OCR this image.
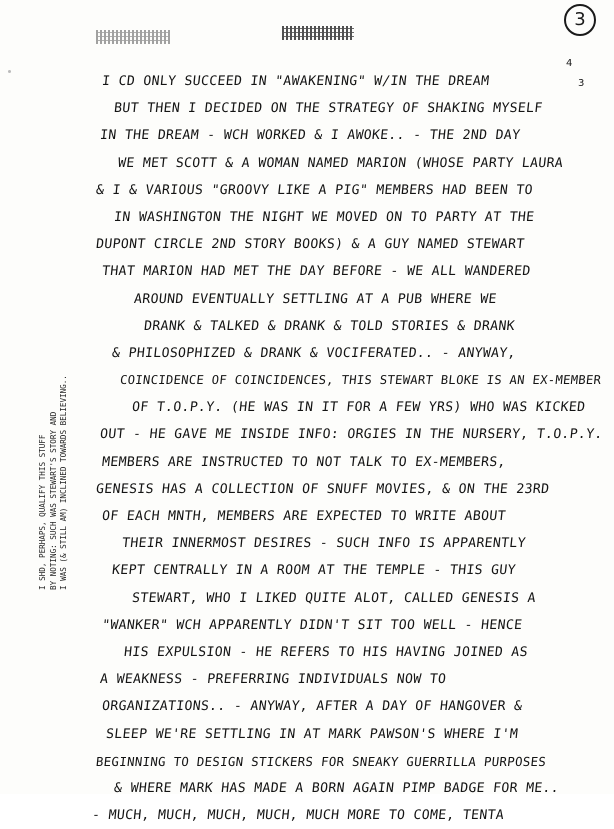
3
4
3
I CD ONLY SUCCEED IN "AWAKENING" W/IN THE DREAM
BUT THEN I DECIDED ON THE STRATEGY OF SHAKING MYSELF
IN THE DREAM - WCH WORKED & I AWOKE.. - THE 2ND DAY
WE MET SCOTT & A WOMAN NAMED MARION (WHOSE PARTY LAURA
& I & VARIOUS "GROOVY LIKE A PIG" MEMBERS HAD BEEN TO
IN WASHINGTON THE NIGHT WE MOVED ON TO PARTY AT THE
DUPONT CIRCLE 2ND STORY BOOKS) & A GUY NAMED STEWART
THAT MARION HAD MET THE DAY BEFORE - WE ALL WANDERED
AROUND EVENTUALLY SETTLING AT A PUB WHERE WE
DRANK & TALKED & DRANK & TOLD STORIES & DRANK
& PHILOSOPHIZED & DRANK & VOCIFERATED.. - ANYWAY,
COINCIDENCE OF COINCIDENCES, THIS STEWART BLOKE IS AN EX-MEMBER
OF T.O.P.Y. (HE WAS IN IT FOR A FEW YRS) WHO WAS KICKED
OUT - HE GAVE ME INSIDE INFO: ORGIES IN THE NURSERY, T.O.P.Y.
MEMBERS ARE INSTRUCTED TO NOT TALK TO EX-MEMBERS,
GENESIS HAS A COLLECTION OF SNUFF MOVIES, & ON THE 23RD
OF EACH MNTH, MEMBERS ARE EXPECTED TO WRITE ABOUT
THEIR INNERMOST DESIRES - SUCH INFO IS APPARENTLY
KEPT CENTRALLY IN A ROOM AT THE TEMPLE - THIS GUY
STEWART, WHO I LIKED QUITE ALOT, CALLED GENESIS A
"WANKER" WCH APPARENTLY DIDN'T SIT TOO WELL - HENCE
HIS EXPULSION - HE REFERS TO HIS HAVING JOINED AS
A WEAKNESS - PREFERRING INDIVIDUALS NOW TO
ORGANIZATIONS.. - ANYWAY, AFTER A DAY OF HANGOVER &
SLEEP WE'RE SETTLING IN AT MARK PAWSON'S WHERE I'M
BEGINNING TO DESIGN STICKERS FOR SNEAKY GUERRILLA PURPOSES
& WHERE MARK HAS MADE A BORN AGAIN PIMP BADGE FOR ME..
- MUCH, MUCH, MUCH, MUCH, MUCH MORE TO COME, TENTA
I SHD, PERHAPS, QUALIFY THIS STUFF BY NOTING: SUCH WAS STEWART'S STORY AND I WAS (& STILL AM) INCLINED TOWARDS BELIEVING..
